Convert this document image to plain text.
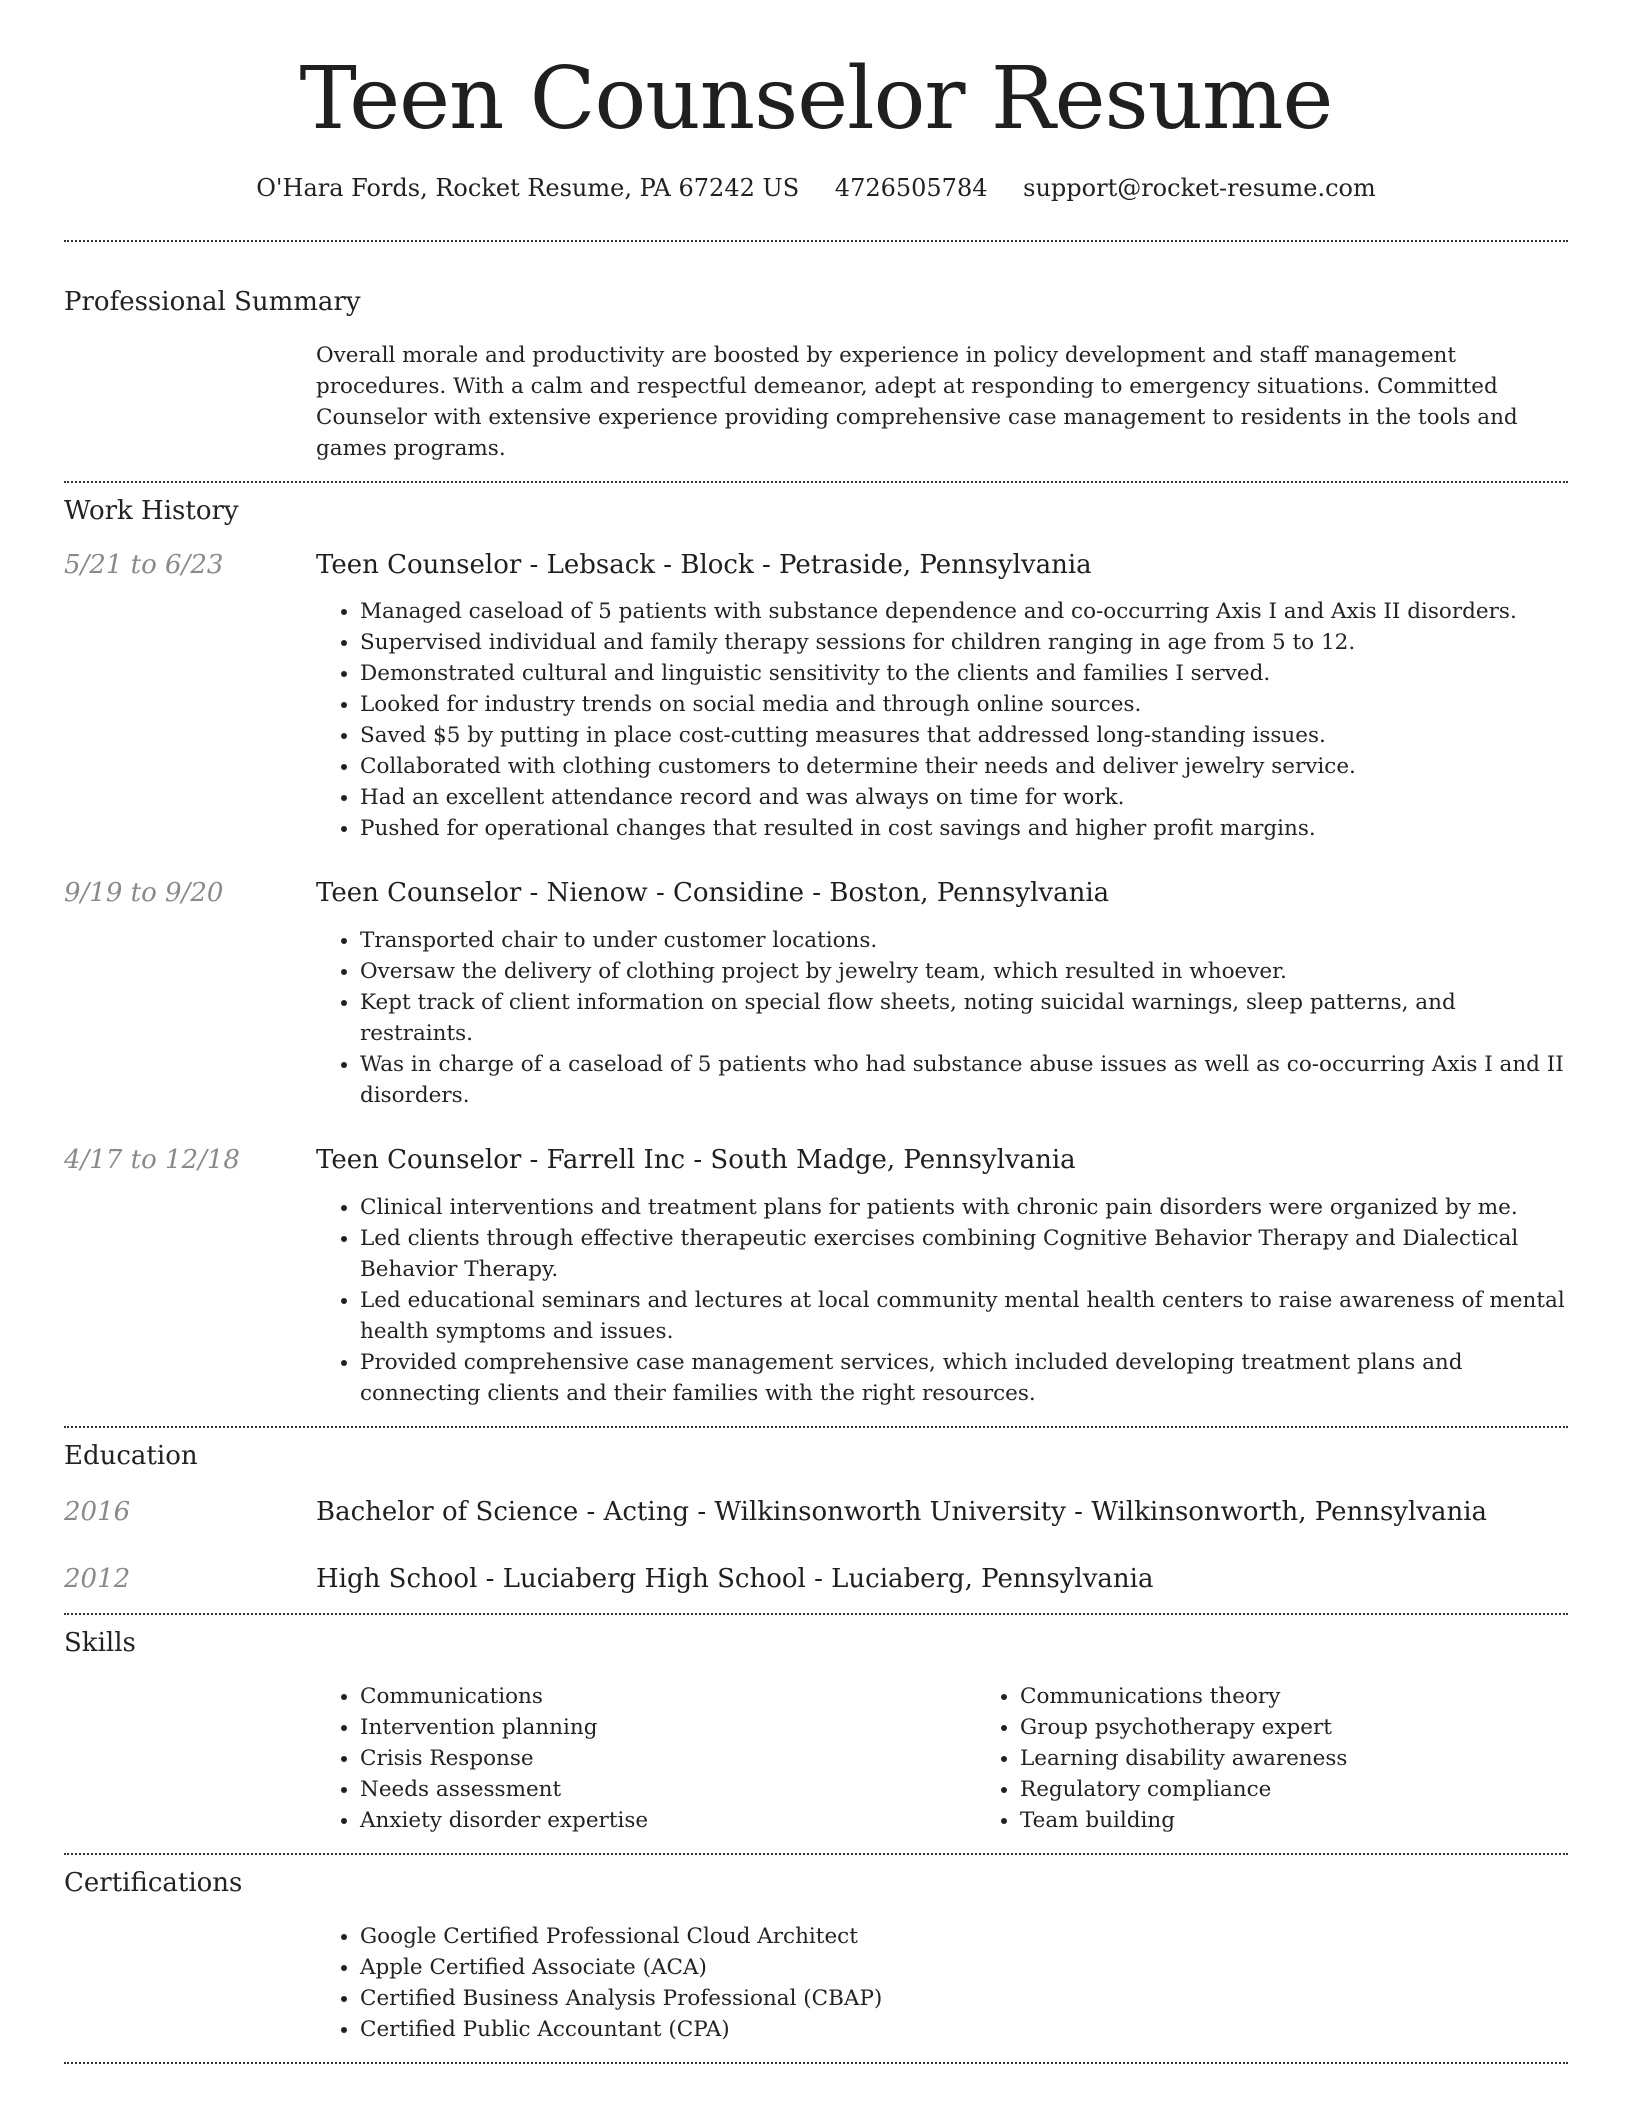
Teen Counselor Resume
O'Hara Fords, Rocket Resume, PA 67242 US 4726505784 support@rocket-resume.com
Professional Summary
Overall morale and productivity are boosted by experience in policy development and staff management procedures. With a calm and respectful demeanor, adept at responding to emergency situations. Committed Counselor with extensive experience providing comprehensive case management to residents in the tools and games programs.
Work History
5/21 to 6/23	Teen Counselor - Lebsack - Block - Petraside, Pennsylvania
• Managed caseload of 5 patients with substance dependence and co-occurring Axis I and Axis II disorders.
• Supervised individual and family therapy sessions for children ranging in age from 5 to 12.
• Demonstrated cultural and linguistic sensitivity to the clients and families I served.
• Looked for industry trends on social media and through online sources.
• Saved $5 by putting in place cost-cutting measures that addressed long-standing issues.
• Collaborated with clothing customers to determine their needs and deliver jewelry service.
• Had an excellent attendance record and was always on time for work.
• Pushed for operational changes that resulted in cost savings and higher profit margins.
9/19 to 9/20	Teen Counselor - Nienow - Considine - Boston, Pennsylvania
• Transported chair to under customer locations.
• Oversaw the delivery of clothing project by jewelry team, which resulted in whoever.
• Kept track of client information on special flow sheets, noting suicidal warnings, sleep patterns, and restraints.
• Was in charge of a caseload of 5 patients who had substance abuse issues as well as co-occurring Axis I and II disorders.
4/17 to 12/18	Teen Counselor - Farrell Inc - South Madge, Pennsylvania
• Clinical interventions and treatment plans for patients with chronic pain disorders were organized by me.
• Led clients through effective therapeutic exercises combining Cognitive Behavior Therapy and Dialectical Behavior Therapy.
• Led educational seminars and lectures at local community mental health centers to raise awareness of mental health symptoms and issues.
• Provided comprehensive case management services, which included developing treatment plans and connecting clients and their families with the right resources.
Education
2016	Bachelor of Science - Acting - Wilkinsonworth University - Wilkinsonworth, Pennsylvania
2012	High School - Luciaberg High School - Luciaberg, Pennsylvania
Skills
• Communications
• Intervention planning
• Crisis Response
• Needs assessment
• Anxiety disorder expertise
• Communications theory
• Group psychotherapy expert
• Learning disability awareness
• Regulatory compliance
• Team building
Certifications
• Google Certified Professional Cloud Architect
• Apple Certified Associate (ACA)
• Certified Business Analysis Professional (CBAP)
• Certified Public Accountant (CPA)
